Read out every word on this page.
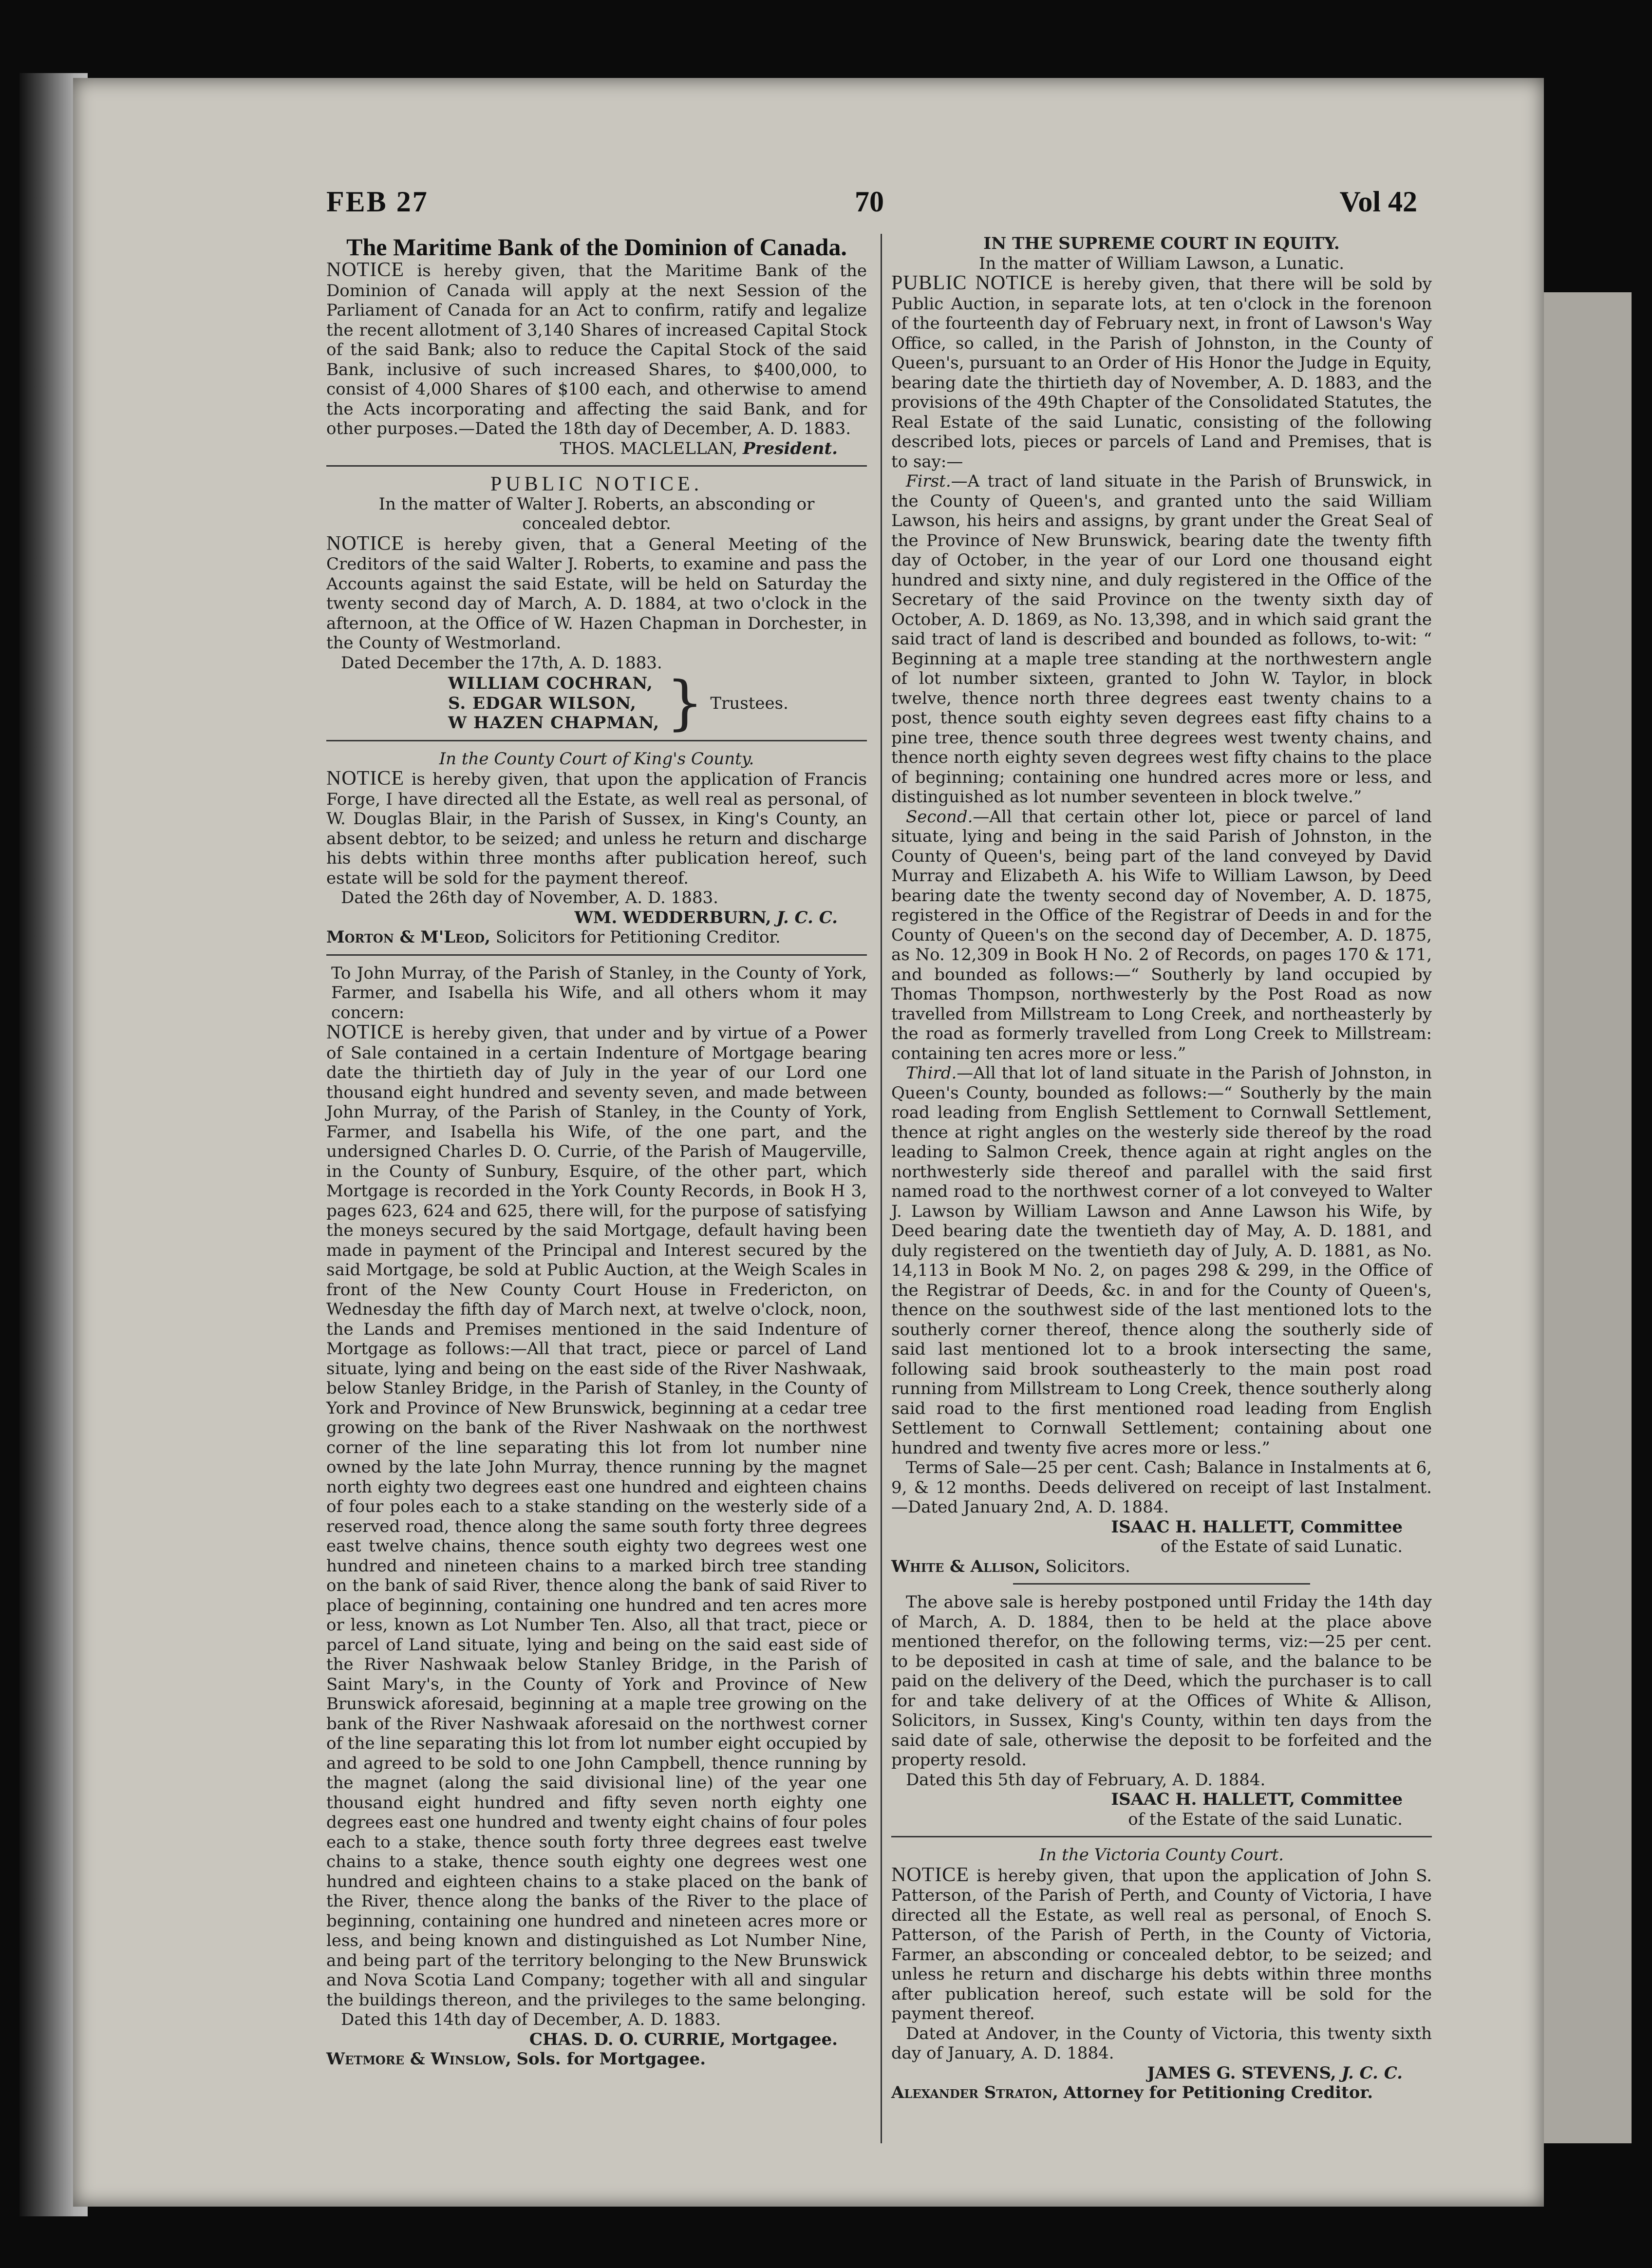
FEB 27	70	Vol 42

The Maritime Bank of the Dominion of Canada.

NOTICE is hereby given, that the Maritime Bank of the Dominion of Canada will apply at the next Session of the Parliament of Canada for an Act to confirm, ratify and legalize the recent allotment of 3,140 Shares of increased Capital Stock of the said Bank; also to reduce the Capital Stock of the said Bank, inclusive of such increased Shares, to $400,000, to consist of 4,000 Shares of $100 each, and otherwise to amend the Acts incorporating and affecting the said Bank, and for other purposes.—Dated the 18th day of December, A. D. 1883.

THOS. MACLELLAN, President.

PUBLIC NOTICE.

In the matter of Walter J. Roberts, an absconding or concealed debtor.

NOTICE is hereby given, that a General Meeting of the Creditors of the said Walter J. Roberts, to examine and pass the Accounts against the said Estate, will be held on Saturday the twenty second day of March, A. D. 1884, at two o'clock in the afternoon, at the Office of W. Hazen Chapman in Dorchester, in the County of Westmorland.

Dated December the 17th, A. D. 1883.

WILLIAM COCHRAN,
S. EDGAR WILSON,
W HAZEN CHAPMAN, } Trustees.

In the County Court of King's County.

NOTICE is hereby given, that upon the application of Francis Forge, I have directed all the Estate, as well real as personal, of W. Douglas Blair, in the Parish of Sussex, in King's County, an absent debtor, to be seized; and unless he return and discharge his debts within three months after publication hereof, such estate will be sold for the payment thereof.

Dated the 26th day of November, A. D. 1883.

WM. WEDDERBURN, J. C. C.

Morton & M'Leod, Solicitors for Petitioning Creditor.

To John Murray, of the Parish of Stanley, in the County of York, Farmer, and Isabella his Wife, and all others whom it may concern:

NOTICE is hereby given, that under and by virtue of a Power of Sale contained in a certain Indenture of Mortgage bearing date the thirtieth day of July in the year of our Lord one thousand eight hundred and seventy seven, and made between John Murray, of the Parish of Stanley, in the County of York, Farmer, and Isabella his Wife, of the one part, and the undersigned Charles D. O. Currie, of the Parish of Maugerville, in the County of Sunbury, Esquire, of the other part, which Mortgage is recorded in the York County Records, in Book H 3, pages 623, 624 and 625, there will, for the purpose of satisfying the moneys secured by the said Mortgage, default having been made in payment of the Principal and Interest secured by the said Mortgage, be sold at Public Auction, at the Weigh Scales in front of the New County Court House in Fredericton, on Wednesday the fifth day of March next, at twelve o'clock, noon, the Lands and Premises mentioned in the said Indenture of Mortgage as follows:—All that tract, piece or parcel of Land situate, lying and being on the east side of the River Nashwaak, below Stanley Bridge, in the Parish of Stanley, in the County of York and Province of New Brunswick, beginning at a cedar tree growing on the bank of the River Nashwaak on the northwest corner of the line separating this lot from lot number nine owned by the late John Murray, thence running by the magnet north eighty two degrees east one hundred and eighteen chains of four poles each to a stake standing on the westerly side of a reserved road, thence along the same south forty three degrees east twelve chains, thence south eighty two degrees west one hundred and nineteen chains to a marked birch tree standing on the bank of said River, thence along the bank of said River to place of beginning, containing one hundred and ten acres more or less, known as Lot Number Ten. Also, all that tract, piece or parcel of Land situate, lying and being on the said east side of the River Nashwaak below Stanley Bridge, in the Parish of Saint Mary's, in the County of York and Province of New Brunswick aforesaid, beginning at a maple tree growing on the bank of the River Nashwaak aforesaid on the northwest corner of the line separating this lot from lot number eight occupied by and agreed to be sold to one John Campbell, thence running by the magnet (along the said divisional line) of the year one thousand eight hundred and fifty seven north eighty one degrees east one hundred and twenty eight chains of four poles each to a stake, thence south forty three degrees east twelve chains to a stake, thence south eighty one degrees west one hundred and eighteen chains to a stake placed on the bank of the River, thence along the banks of the River to the place of beginning, containing one hundred and nineteen acres more or less, and being known and distinguished as Lot Number Nine, and being part of the territory belonging to the New Brunswick and Nova Scotia Land Company; together with all and singular the buildings thereon, and the privileges to the same belonging.

Dated this 14th day of December, A. D. 1883.

CHAS. D. O. CURRIE, Mortgagee.

Wetmore & Winslow, Sols. for Mortgagee.

IN THE SUPREME COURT IN EQUITY.

In the matter of William Lawson, a Lunatic.

PUBLIC NOTICE is hereby given, that there will be sold by Public Auction, in separate lots, at ten o'clock in the forenoon of the fourteenth day of February next, in front of Lawson's Way Office, so called, in the Parish of Johnston, in the County of Queen's, pursuant to an Order of His Honor the Judge in Equity, bearing date the thirtieth day of November, A. D. 1883, and the provisions of the 49th Chapter of the Consolidated Statutes, the Real Estate of the said Lunatic, consisting of the following described lots, pieces or parcels of Land and Premises, that is to say:—

First.—A tract of land situate in the Parish of Brunswick, in the County of Queen's, and granted unto the said William Lawson, his heirs and assigns, by grant under the Great Seal of the Province of New Brunswick, bearing date the twenty fifth day of October, in the year of our Lord one thousand eight hundred and sixty nine, and duly registered in the Office of the Secretary of the said Province on the twenty sixth day of October, A. D. 1869, as No. 13,398, and in which said grant the said tract of land is described and bounded as follows, to-wit: “ Beginning at a maple tree standing at the northwestern angle of lot number sixteen, granted to John W. Taylor, in block twelve, thence north three degrees east twenty chains to a post, thence south eighty seven degrees east fifty chains to a pine tree, thence south three degrees west twenty chains, and thence north eighty seven degrees west fifty chains to the place of beginning; containing one hundred acres more or less, and distinguished as lot number seventeen in block twelve.”

Second.—All that certain other lot, piece or parcel of land situate, lying and being in the said Parish of Johnston, in the County of Queen's, being part of the land conveyed by David Murray and Elizabeth A. his Wife to William Lawson, by Deed bearing date the twenty second day of November, A. D. 1875, registered in the Office of the Registrar of Deeds in and for the County of Queen's on the second day of December, A. D. 1875, as No. 12,309 in Book H No. 2 of Records, on pages 170 & 171, and bounded as follows:—“ Southerly by land occupied by Thomas Thompson, northwesterly by the Post Road as now travelled from Millstream to Long Creek, and northeasterly by the road as formerly travelled from Long Creek to Millstream: containing ten acres more or less.”

Third.—All that lot of land situate in the Parish of Johnston, in Queen's County, bounded as follows:—“ Southerly by the main road leading from English Settlement to Cornwall Settlement, thence at right angles on the westerly side thereof by the road leading to Salmon Creek, thence again at right angles on the northwesterly side thereof and parallel with the said first named road to the northwest corner of a lot conveyed to Walter J. Lawson by William Lawson and Anne Lawson his Wife, by Deed bearing date the twentieth day of May, A. D. 1881, and duly registered on the twentieth day of July, A. D. 1881, as No. 14,113 in Book M No. 2, on pages 298 & 299, in the Office of the Registrar of Deeds, &c. in and for the County of Queen's, thence on the southwest side of the last mentioned lots to the southerly corner thereof, thence along the southerly side of said last mentioned lot to a brook intersecting the same, following said brook southeasterly to the main post road running from Millstream to Long Creek, thence southerly along said road to the first mentioned road leading from English Settlement to Cornwall Settlement; containing about one hundred and twenty five acres more or less.”

Terms of Sale—25 per cent. Cash; Balance in Instalments at 6, 9, & 12 months. Deeds delivered on receipt of last Instalment.—Dated January 2nd, A. D. 1884.

ISAAC H. HALLETT, Committee

of the Estate of said Lunatic.

White & Allison, Solicitors.

The above sale is hereby postponed until Friday the 14th day of March, A. D. 1884, then to be held at the place above mentioned therefor, on the following terms, viz:—25 per cent. to be deposited in cash at time of sale, and the balance to be paid on the delivery of the Deed, which the purchaser is to call for and take delivery of at the Offices of White & Allison, Solicitors, in Sussex, King's County, within ten days from the said date of sale, otherwise the deposit to be forfeited and the property resold.

Dated this 5th day of February, A. D. 1884.

ISAAC H. HALLETT, Committee

of the Estate of the said Lunatic.

In the Victoria County Court.

NOTICE is hereby given, that upon the application of John S. Patterson, of the Parish of Perth, and County of Victoria, I have directed all the Estate, as well real as personal, of Enoch S. Patterson, of the Parish of Perth, in the County of Victoria, Farmer, an absconding or concealed debtor, to be seized; and unless he return and discharge his debts within three months after publication hereof, such estate will be sold for the payment thereof.

Dated at Andover, in the County of Victoria, this twenty sixth day of January, A. D. 1884.

JAMES G. STEVENS, J. C. C.

Alexander Straton, Attorney for Petitioning Creditor.
